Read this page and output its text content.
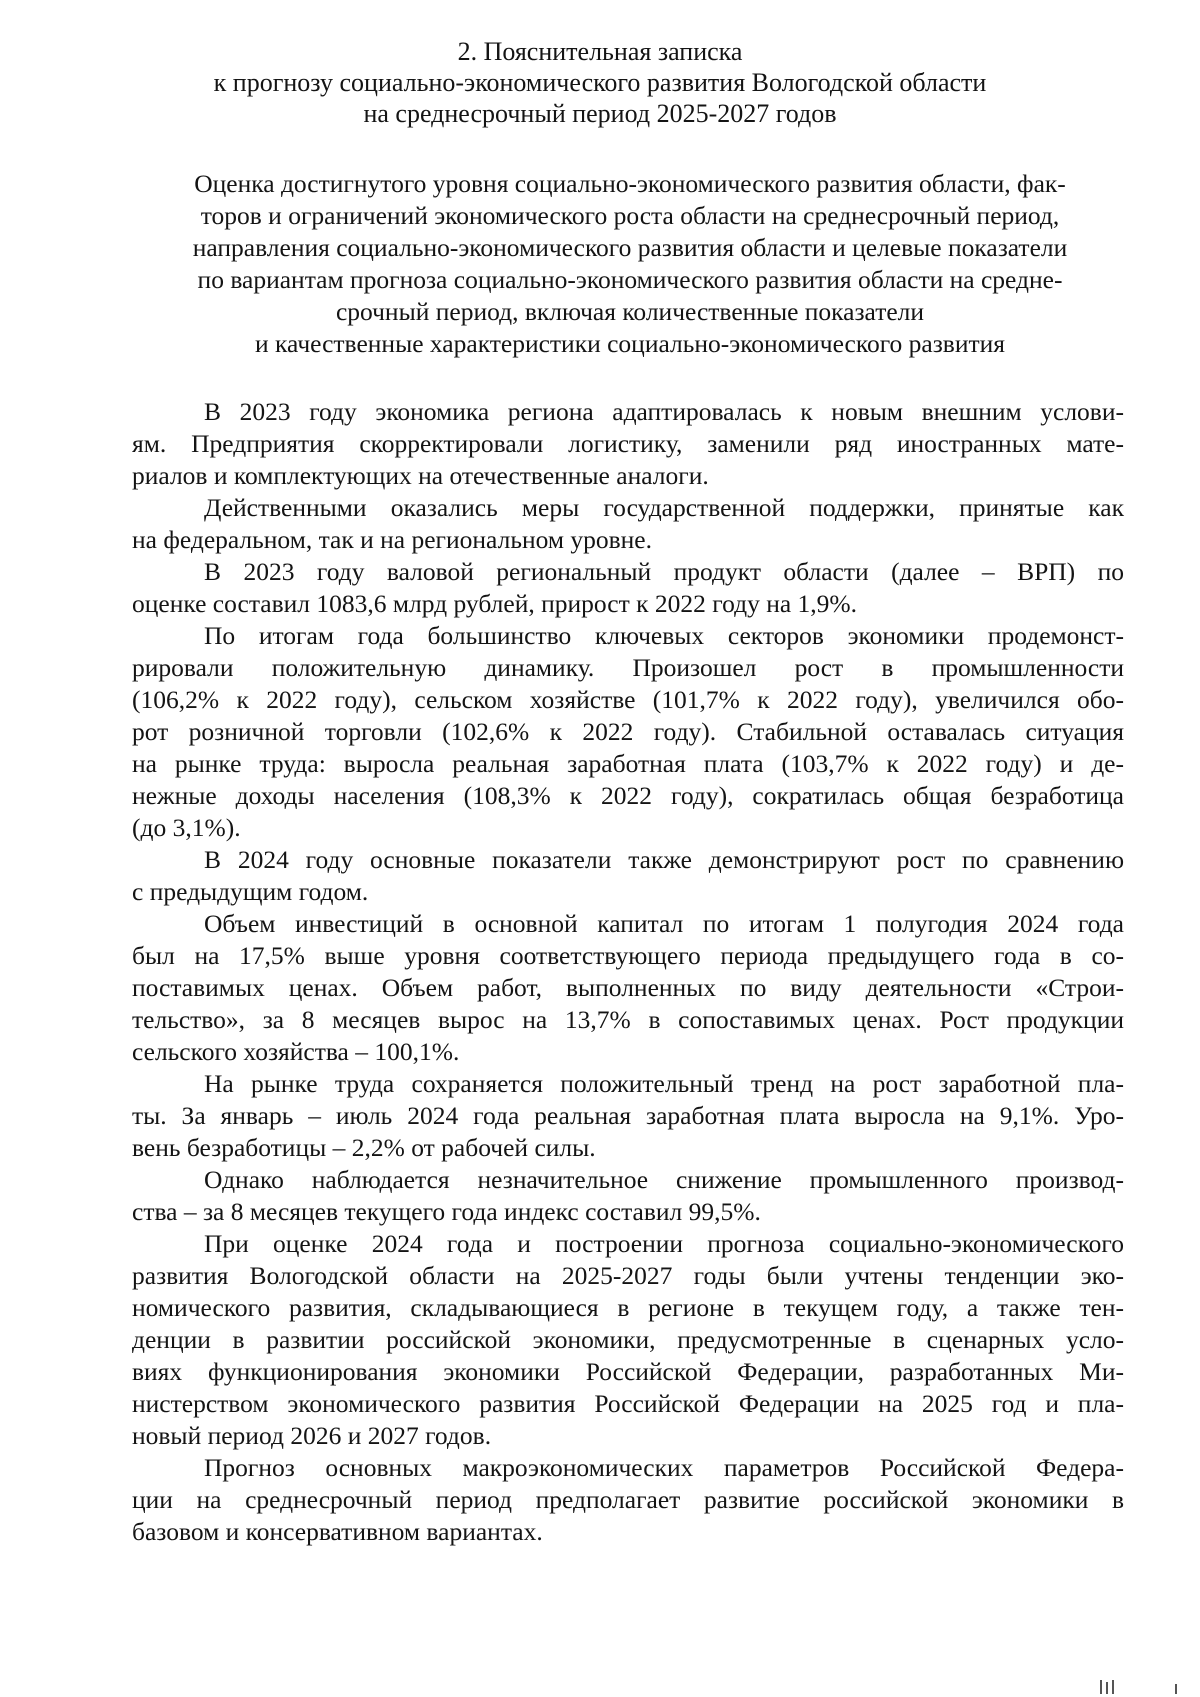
2. Пояснительная записка

к прогнозу социально-экономического развития Вологодской области

на среднесрочный период 2025-2027 годов

Оценка достигнутого уровня социально-экономического развития области, фак-

торов и ограничений экономического роста области на среднесрочный период,

направления социально-экономического развития области и целевые показатели

по вариантам прогноза социально-экономического развития области на средне-

срочный период, включая количественные показатели

и качественные характеристики социально-экономического развития

В 2023 году экономика региона адаптировалась к новым внешним услови-
ям. Предприятия скорректировали логистику, заменили ряд иностранных мате-
риалов и комплектующих на отечественные аналоги.
Действенными оказались меры государственной поддержки, принятые как
на федеральном, так и на региональном уровне.
В 2023 году валовой региональный продукт области (далее – ВРП) по
оценке составил 1083,6 млрд рублей, прирост к 2022 году на 1,9%.
По итогам года большинство ключевых секторов экономики продемонст-
рировали положительную динамику. Произошел рост в промышленности
(106,2% к 2022 году), сельском хозяйстве (101,7% к 2022 году), увеличился обо-
рот розничной торговли (102,6% к 2022 году). Стабильной оставалась ситуация
на рынке труда: выросла реальная заработная плата (103,7% к 2022 году) и де-
нежные доходы населения (108,3% к 2022 году), сократилась общая безработица
(до 3,1%).
В 2024 году основные показатели также демонстрируют рост по сравнению
с предыдущим годом.
Объем инвестиций в основной капитал по итогам 1 полугодия 2024 года
был на 17,5% выше уровня соответствующего периода предыдущего года в со-
поставимых ценах. Объем работ, выполненных по виду деятельности «Строи-
тельство», за 8 месяцев вырос на 13,7% в сопоставимых ценах. Рост продукции
сельского хозяйства – 100,1%.
На рынке труда сохраняется положительный тренд на рост заработной пла-
ты. За январь – июль 2024 года реальная заработная плата выросла на 9,1%. Уро-
вень безработицы – 2,2% от рабочей силы.
Однако наблюдается незначительное снижение промышленного производ-
ства – за 8 месяцев текущего года индекс составил 99,5%.
При оценке 2024 года и построении прогноза социально-экономического
развития Вологодской области на 2025-2027 годы были учтены тенденции эко-
номического развития, складывающиеся в регионе в текущем году, а также тен-
денции в развитии российской экономики, предусмотренные в сценарных усло-
виях функционирования экономики Российской Федерации, разработанных Ми-
нистерством экономического развития Российской Федерации на 2025 год и пла-
новый период 2026 и 2027 годов.
Прогноз основных макроэкономических параметров Российской Федера-
ции на среднесрочный период предполагает развитие российской экономики в
базовом и консервативном вариантах.
